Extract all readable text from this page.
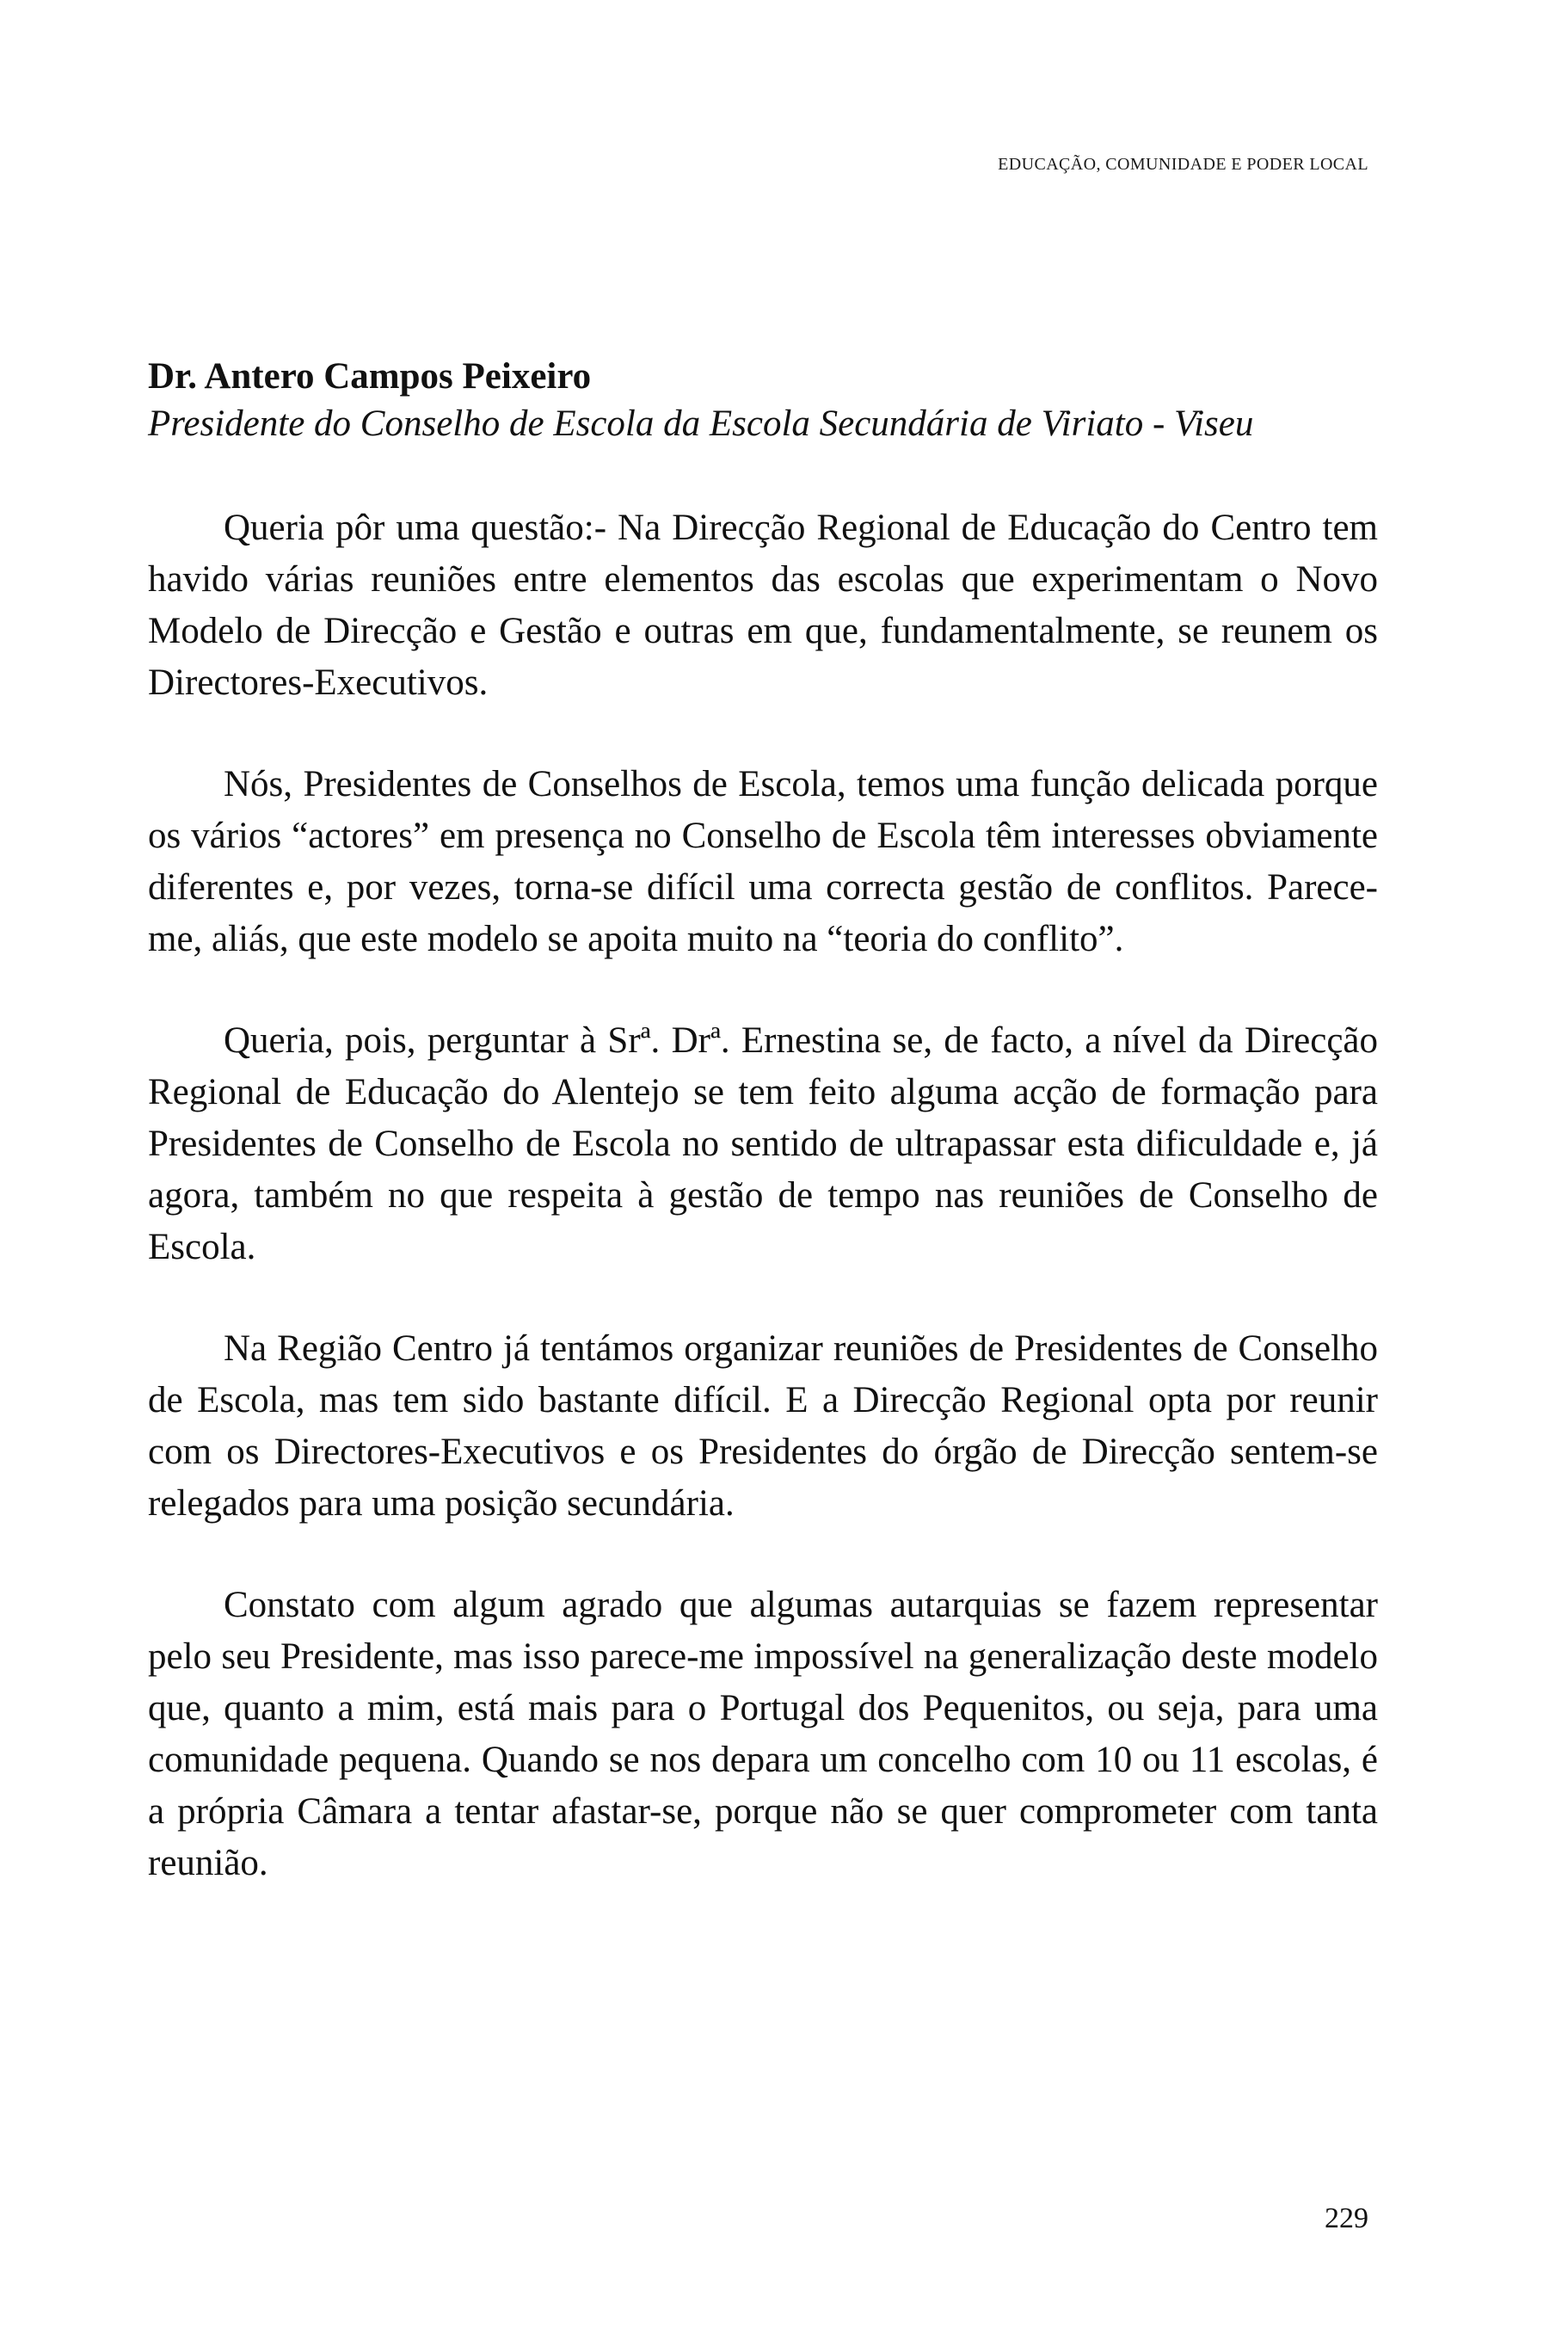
EDUCAÇÃO, COMUNIDADE E PODER LOCAL

Dr. Antero Campos Peixeiro

Presidente do Conselho de Escola da Escola Secundária de Viriato - Viseu

Queria pôr uma questão:- Na Direcção Regional de Educação do Centro tem havido várias reuniões entre elementos das escolas que experimentam o Novo Modelo de Direcção e Gestão e outras em que, fundamentalmente, se reunem os Directores-Executivos.

Nós, Presidentes de Conselhos de Escola, temos uma função delicada porque os vários “actores” em presença no Conselho de Escola têm interesses obviamente diferentes e, por vezes, torna-se difícil uma correcta gestão de conflitos. Parece-me, aliás, que este modelo se apoita muito na “teoria do conflito”.

Queria, pois, perguntar à Srª. Drª. Ernestina se, de facto, a nível da Direcção Regional de Educação do Alentejo se tem feito alguma acção de formação para Presidentes de Conselho de Escola no sentido de ultrapassar esta dificuldade e, já agora, também no que respeita à gestão de tempo nas reuniões de Conselho de Escola.

Na Região Centro já tentámos organizar reuniões de Presidentes de Conselho de Escola, mas tem sido bastante difícil. E a Direcção Regional opta por reunir com os Directores-Executivos e os Presidentes do órgão de Direcção sentem-se relegados para uma posição secundária.

Constato com algum agrado que algumas autarquias se fazem representar pelo seu Presidente, mas isso parece-me impossível na generalização deste modelo que, quanto a mim, está mais para o Portugal dos Pequenitos, ou seja, para uma comunidade pequena. Quando se nos depara um concelho com 10 ou 11 escolas, é a própria Câmara a tentar afastar-se, porque não se quer comprometer com tanta reunião.

229
